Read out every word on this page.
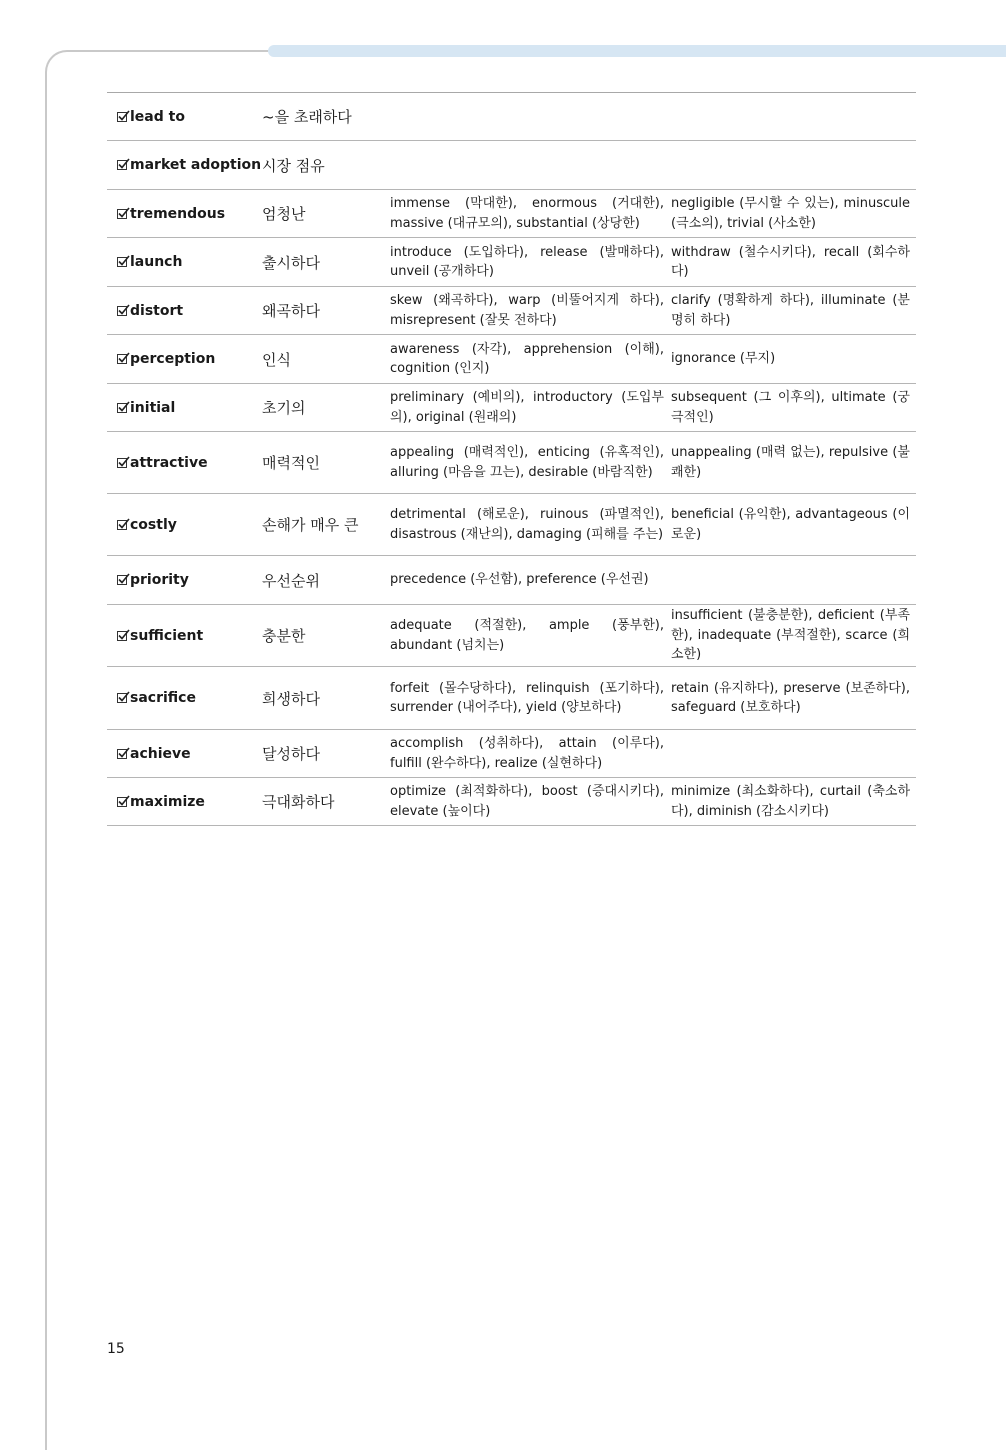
lead to	~을 초래하다		

market adoption	시장 점유		

tremendous	엄청난	immense (막대한), enormous (거대한), massive (대규모의), substantial (상당한)	negligible (무시할 수 있는), minuscule (극소의), trivial (사소한)

launch	출시하다	introduce (도입하다), release (발매하다), unveil (공개하다)	withdraw (철수시키다), recall (회수하다)

distort	왜곡하다	skew (왜곡하다), warp (비뚤어지게 하다), misrepresent (잘못 전하다)	clarify (명확하게 하다), illuminate (분명히 하다)

perception	인식	awareness (자각), apprehension (이해), cognition (인지)	ignorance (무지)

initial	초기의	preliminary (예비의), introductory (도입부의), original (원래의)	subsequent (그 이후의), ultimate (궁극적인)

attractive	매력적인	appealing (매력적인), enticing (유혹적인), alluring (마음을 끄는), desirable (바람직한)	unappealing (매력 없는), repulsive (불쾌한)

costly	손해가 매우 큰	detrimental (해로운), ruinous (파멸적인), disastrous (재난의), damaging (피해를 주는)	beneficial (유익한), advantageous (이로운)

priority	우선순위	precedence (우선함), preference (우선권)	

sufficient	충분한	adequate (적절한), ample (풍부한), abundant (넘치는)	insufficient (불충분한), deficient (부족한), inadequate (부적절한), scarce (희소한)

sacrifice	희생하다	forfeit (몰수당하다), relinquish (포기하다), surrender (내어주다), yield (양보하다)	retain (유지하다), preserve (보존하다), safeguard (보호하다)

achieve	달성하다	accomplish (성취하다), attain (이루다), fulfill (완수하다), realize (실현하다)	

maximize	극대화하다	optimize (최적화하다), boost (증대시키다), elevate (높이다)	minimize (최소화하다), curtail (축소하다), diminish (감소시키다)
15
